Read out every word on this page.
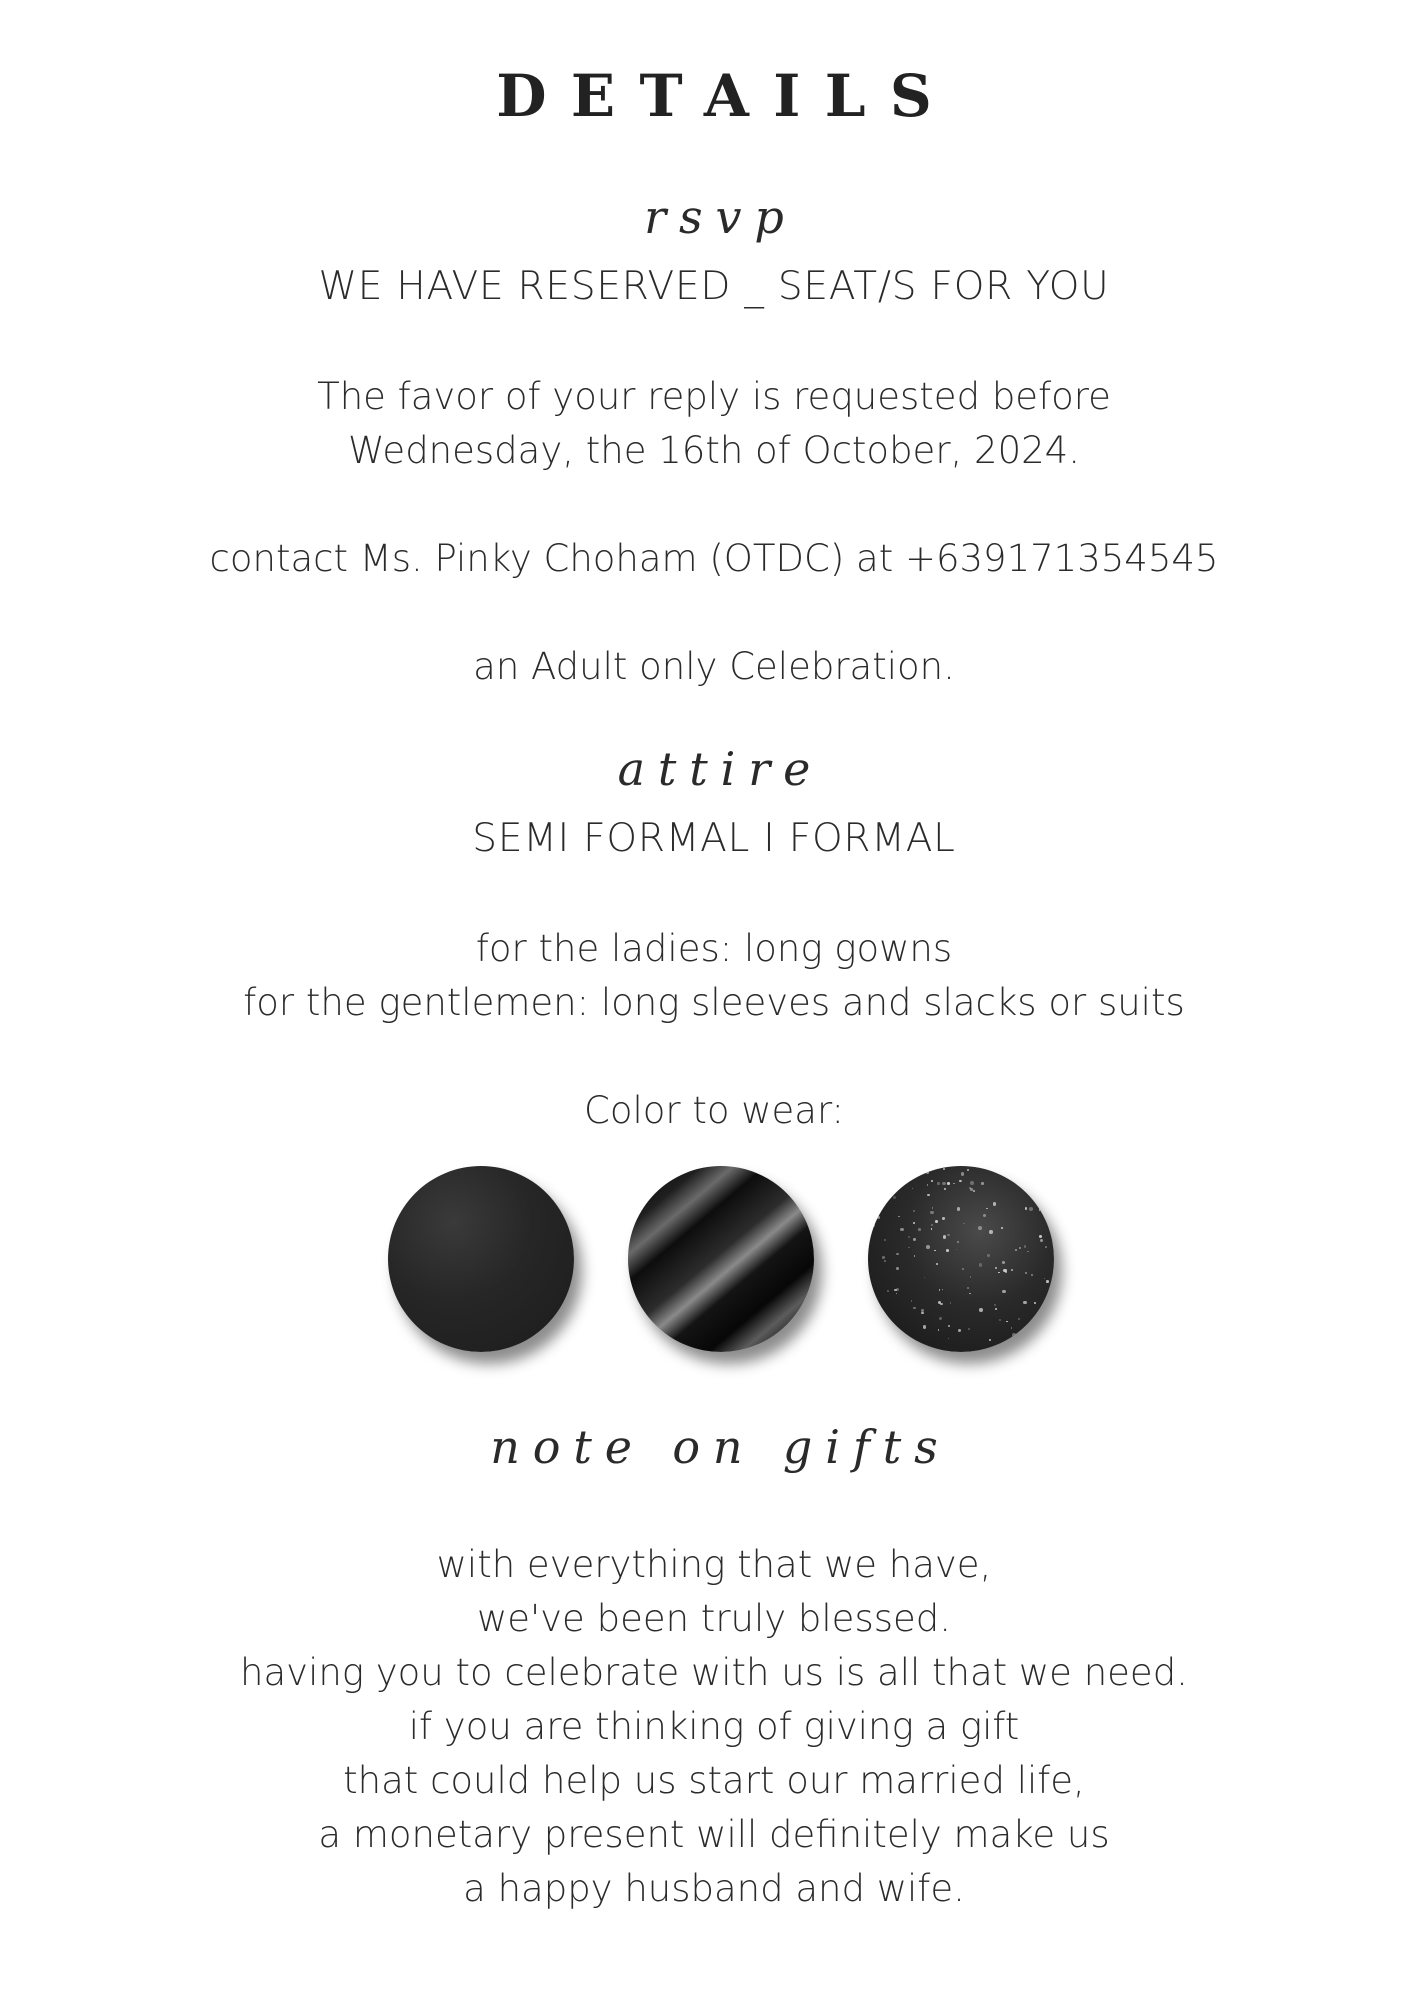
DETAILS
rsvp
WE HAVE RESERVED _ SEAT/S FOR YOU
The favor of your reply is requested before
Wednesday, the 16th of October, 2024.
contact Ms. Pinky Choham (OTDC) at +639171354545
an Adult only Celebration.
attire
SEMI FORMAL I FORMAL
for the ladies: long gowns
for the gentlemen: long sleeves and slacks or suits
Color to wear:
note on gifts
with everything that we have,
we've been truly blessed.
having you to celebrate with us is all that we need.
if you are thinking of giving a gift
that could help us start our married life,
a monetary present will definitely make us
a happy husband and wife.
